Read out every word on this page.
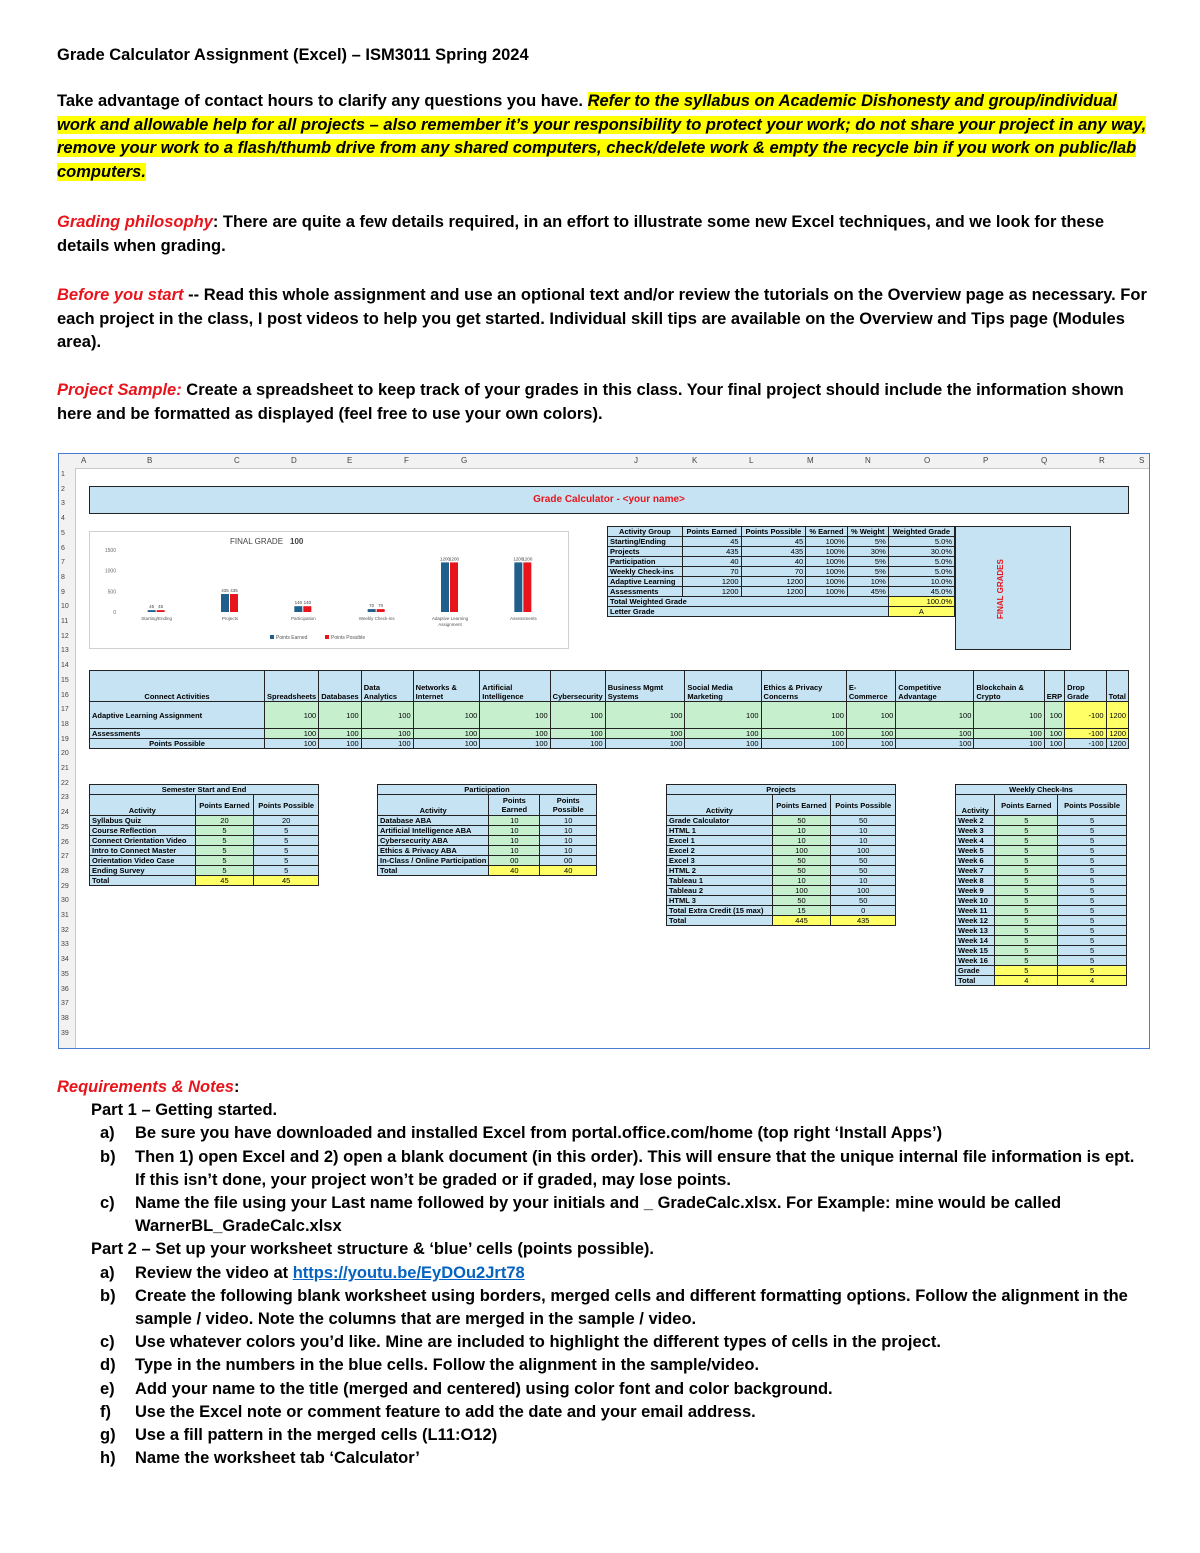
Grade Calculator Assignment (Excel) – ISM3011 Spring 2024
Take advantage of contact hours to clarify any questions you have. Refer to the syllabus on Academic Dishonesty and group/individual work and allowable help for all projects – also remember it’s your responsibility to protect your work; do not share your project in any way, remove your work to a flash/thumb drive from any shared computers, check/delete work & empty the recycle bin if you work on public/lab computers.
Grading philosophy: There are quite a few details required, in an effort to illustrate some new Excel techniques, and we look for these details when grading.
Before you start -- Read this whole assignment and use an optional text and/or review the tutorials on the Overview page as necessary. For each project in the class, I post videos to help you get started. Individual skill tips are available on the Overview and Tips page (Modules area).
Project Sample: Create a spreadsheet to keep track of your grades in this class. Your final project should include the information shown here and be formatted as displayed (feel free to use your own colors).
A	B	C	D	E	F	G	J	K	L	M	N	O	P	Q	R	S
1
2
3
4
5
6
7
8
9
10
11
12
13
14
15
16
17
18
19
20
21
22
23
24
25
26
27
28
29
30
31
32
33
34
35
36
37
38
39
Grade Calculator - <your name>
FINAL GRADE 100
1500
1000
500
0
45 45
Starting/Ending
435 435
Projects
140 140
Participation
70 70
Weekly Check-ins
1200
1200
Adaptive Learning
Assignment
1200
1200
Assessments
Points Earned	Points Possible
Activity Group	Points Earned	Points Possible	% Earned	% Weight	Weighted Grade
Starting/Ending	45	45	100%	5%	5.0%
Projects	435	435	100%	30%	30.0%
Participation	40	40	100%	5%	5.0%
Weekly Check-ins	70	70	100%	5%	5.0%
Adaptive Learning	1200	1200	100%	10%	10.0%
Assessments	1200	1200	100%	45%	45.0%
Total Weighted Grade					100.0%
Letter Grade					A	FINAL GRADES
Connect Activities	Spreadsheets	Databases	Data Analytics	Networks & Internet	Artificial Intelligence	Cybersecurity	Business Mgmt Systems	Social Media Marketing	Ethics & Privacy Concerns	E-Commerce	Competitive Advantage	Blockchain & Crypto	ERP	Drop Grade	Total
Adaptive Learning Assignment	100	100	100	100	100	100	100	100	100	100	100	100	100	-100	1200
Assessments	100	100	100	100	100	100	100	100	100	100	100	100	100	-100	1200
Points Possible	100	100	100	100	100	100	100	100	100	100	100	100	100	-100	1200
Semester Start and End		
Activity	Points Earned	Points Possible
Syllabus Quiz	20	20
Course Reflection	5	5
Connect Orientation Video	5	5
Intro to Connect Master	5	5
Orientation Video Case	5	5
Ending Survey	5	5
Total	45	45
Participation		
Activity	Points Earned	Points Possible
Database ABA	10	10
Artificial Intelligence ABA	10	10
Cybersecurity ABA	10	10
Ethics & Privacy ABA	10	10
In-Class / Online Participation	00	00
Total	40	40
Projects		
Activity	Points Earned	Points Possible
Grade Calculator	50	50
HTML 1	10	10
Excel 1	10	10
Excel 2	100	100
Excel 3	50	50
HTML 2	50	50
Tableau 1	10	10
Tableau 2	100	100
HTML 3	50	50
Total Extra Credit (15 max)	15	0
Total	445	435
Weekly Check-Ins		
Activity	Points Earned	Points Possible
Week 2	5	5
Week 3	5	5
Week 4	5	5
Week 5	5	5
Week 6	5	5
Week 7	5	5
Week 8	5	5
Week 9	5	5
Week 10	5	5
Week 11	5	5
Week 12	5	5
Week 13	5	5
Week 14	5	5
Week 15	5	5
Week 16	5	5
Grade	5	5
Total	4	4
Requirements & Notes:
Part 1 – Getting started.
a) Be sure you have downloaded and installed Excel from portal.office.com/home (top right ‘Install Apps’)
b) Then 1) open Excel and 2) open a blank document (in this order). This will ensure that the unique internal file information is ept. If this isn’t done, your project won’t be graded or if graded, may lose points.
c) Name the file using your Last name followed by your initials and _ GradeCalc.xlsx. For Example: mine would be called WarnerBL_GradeCalc.xlsx
Part 2 – Set up your worksheet structure & ‘blue’ cells (points possible).
a) Review the video at https://youtu.be/EyDOu2Jrt78
b) Create the following blank worksheet using borders, merged cells and different formatting options. Follow the alignment in the sample / video. Note the columns that are merged in the sample / video.
c) Use whatever colors you’d like. Mine are included to highlight the different types of cells in the project.
d) Type in the numbers in the blue cells. Follow the alignment in the sample/video.
e) Add your name to the title (merged and centered) using color font and color background.
f) Use the Excel note or comment feature to add the date and your email address.
g) Use a fill pattern in the merged cells (L11:O12)
h) Name the worksheet tab ‘Calculator’
